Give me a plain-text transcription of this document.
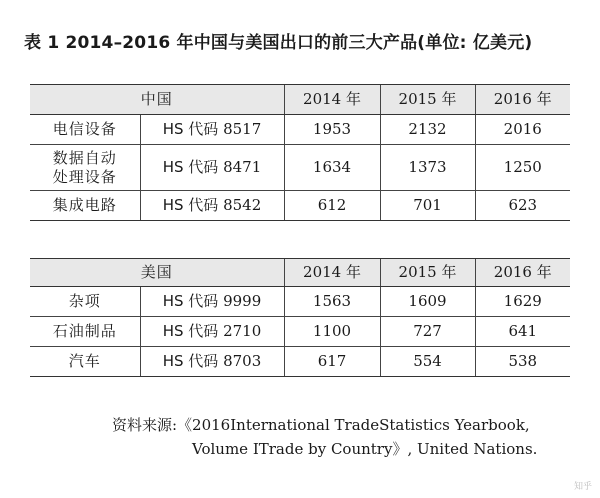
表 1 2014–2016 年中国与美国出口的前三大产品(单位: 亿美元)
中国		2014 年	2015 年	2016 年
电信设备	HS 代码 8517	1953	2132	2016
数据自动
处理设备	HS 代码 8471	1634	1373	1250
集成电路	HS 代码 8542	612	701	623
美国		2014 年	2015 年	2016 年
杂项	HS 代码 9999	1563	1609	1629
石油制品	HS 代码 2710	1100	727	641
汽车	HS 代码 8703	617	554	538
资料来源:《2016International TradeStatistics Yearbook,
Volume ITrade by Country》, United Nations.
知乎
